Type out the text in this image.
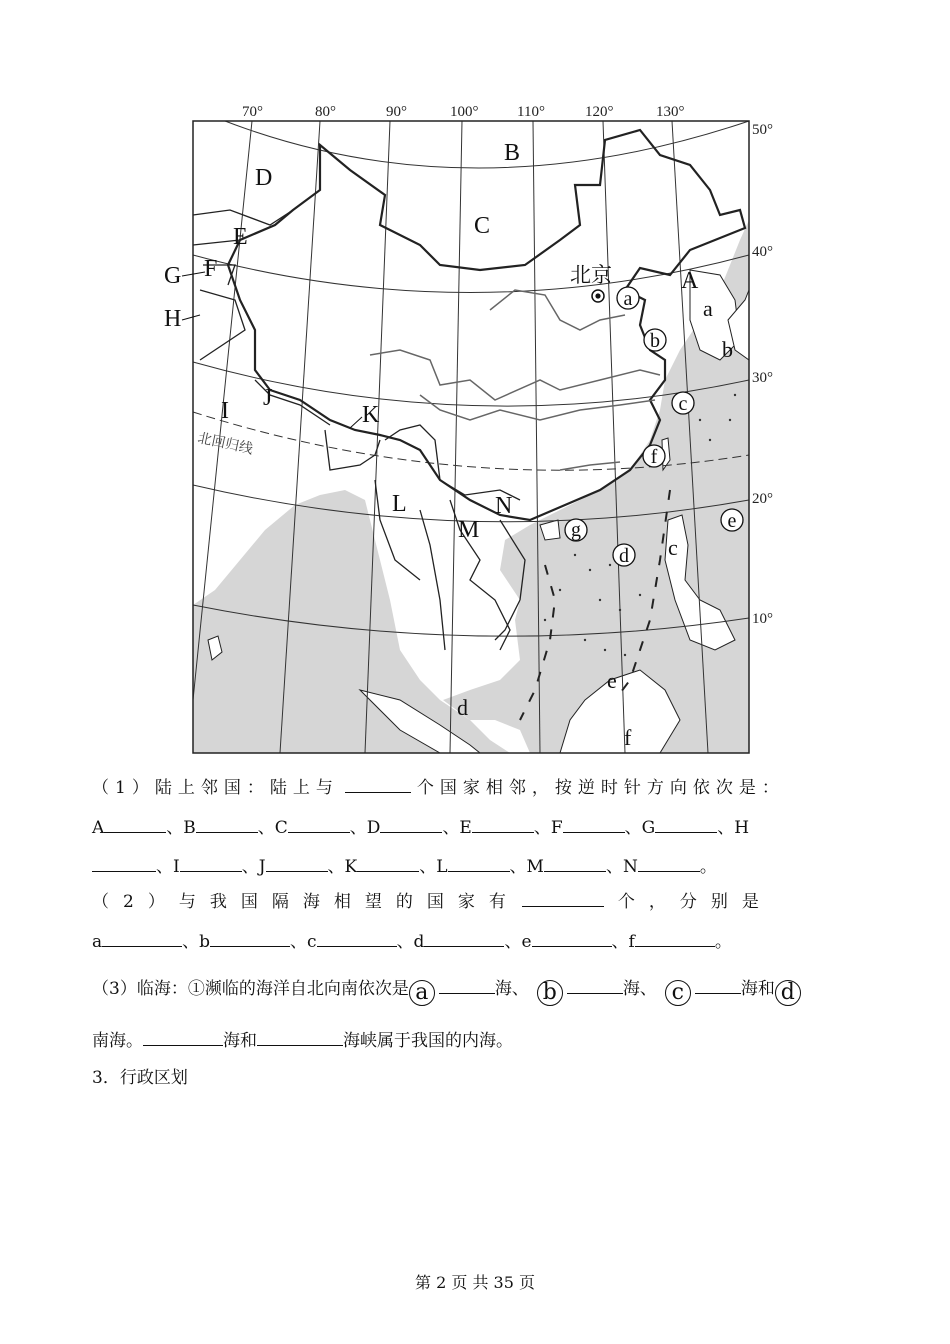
70°	80°	90°	100°	110°	120°	130°
50°
40°
30°
20°
10°
北回归线
北京	A
B
C
D
E
F
G
H
I J
K
L
M
N
a
b
c
f
g
d
e
a
b
c
d
e
f
（1）陆上邻国：陆上与	个国家相邻，按逆时针方向依次是：
A	、B	、C	、D	、E	、F	、G	、H
、I	、J	、K	、L	、M	、N	。
（2）与我国隔海相望的国家有	个，分别是
a	、b	、c	、d	、e	、f	。
（3）临海：①濒临的海洋自北向南依次是 a	海、 b	海、 c	海和 d
南海。	海和	海峡属于我国的内海。
3．行政区划
第 2 页 共 35 页
